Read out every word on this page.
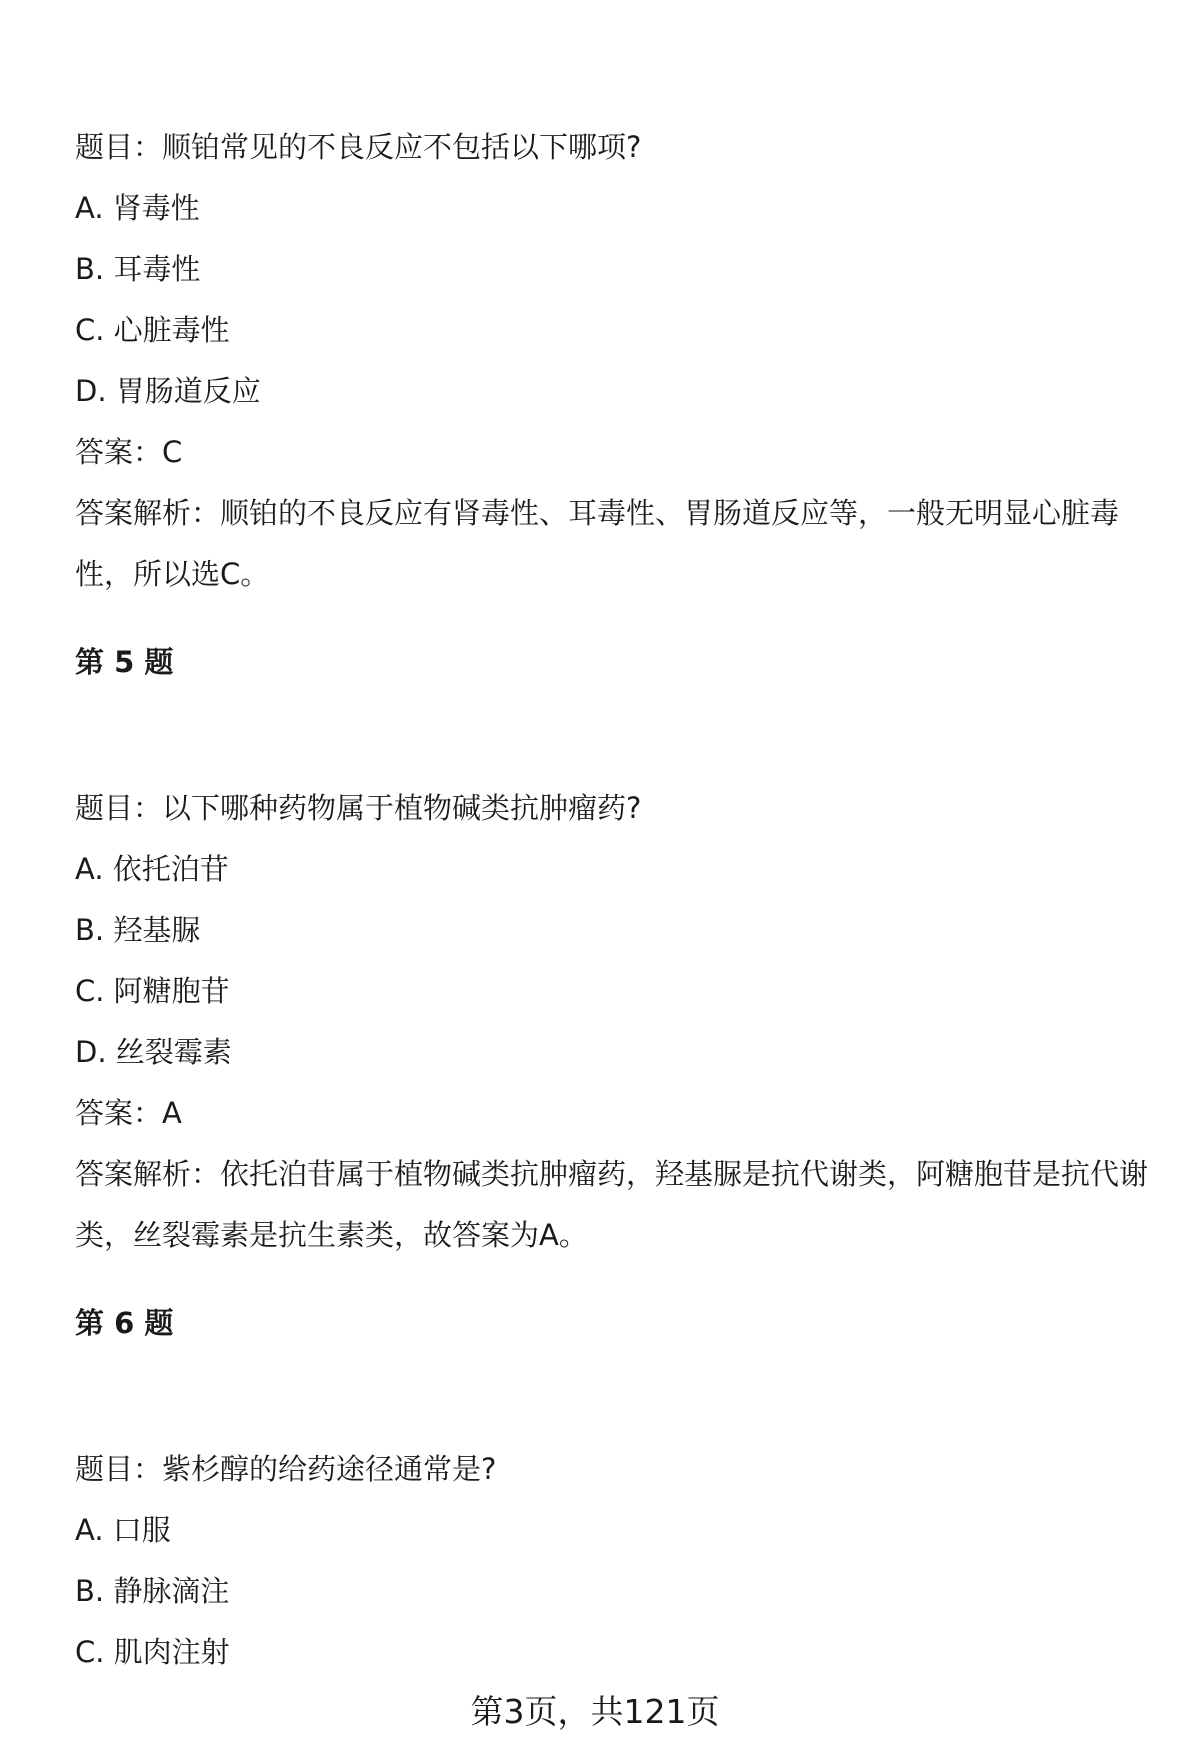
题目：顺铂常见的不良反应不包括以下哪项?

A. 肾毒性

B. 耳毒性

C. 心脏毒性

D. 胃肠道反应

答案：C

答案解析：顺铂的不良反应有肾毒性、耳毒性、胃肠道反应等，一般无明显心脏毒性，所以选C。

第 5 题

题目：以下哪种药物属于植物碱类抗肿瘤药?

A. 依托泊苷

B. 羟基脲

C. 阿糖胞苷

D. 丝裂霉素

答案：A

答案解析：依托泊苷属于植物碱类抗肿瘤药，羟基脲是抗代谢类，阿糖胞苷是抗代谢类，丝裂霉素是抗生素类，故答案为A。

第 6 题

题目：紫杉醇的给药途径通常是?

A. 口服

B. 静脉滴注

C. 肌肉注射

第3页，共121页
